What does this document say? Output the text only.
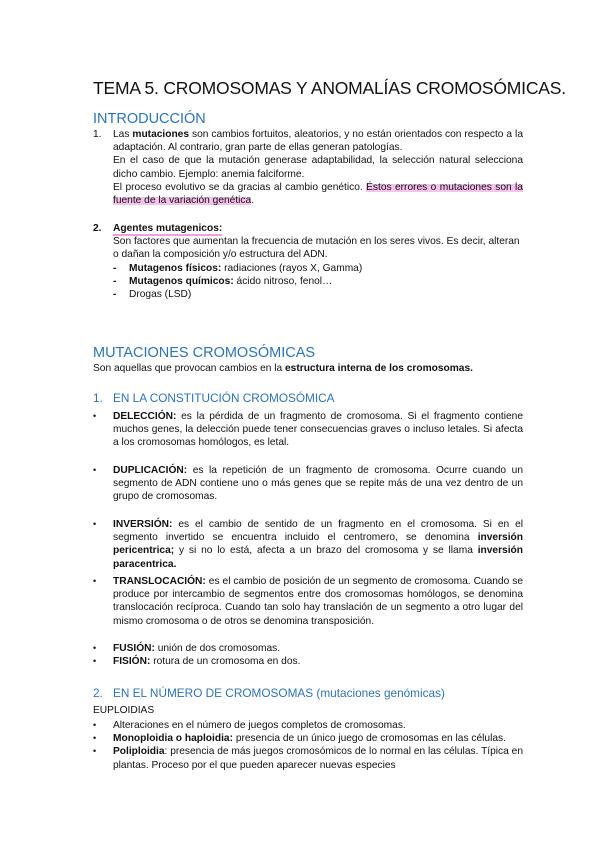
TEMA 5. CROMOSOMAS Y ANOMALÍAS CROMOSÓMICAS.
INTRODUCCIÓN
1. Las mutaciones son cambios fortuitos, aleatorios, y no están orientados con respecto a la adaptación. Al contrario, gran parte de ellas generan patologías.
En el caso de que la mutación generase adaptabilidad, la selección natural selecciona dicho cambio. Ejemplo: anemia falciforme.
El proceso evolutivo se da gracias al cambio genético. Éstos errores o mutaciones son la fuente de la variación genética.
2. Agentes mutagenicos:
Son factores que aumentan la frecuencia de mutación en los seres vivos. Es decir, alteran o dañan la composición y/o estructura del ADN.
- Mutagenos físicos: radiaciones (rayos X, Gamma)
- Mutagenos químicos: ácido nitroso, fenol…
- Drogas (LSD)
MUTACIONES CROMOSÓMICAS
Son aquellas que provocan cambios en la estructura interna de los cromosomas.
1. EN LA CONSTITUCIÓN CROMOSÓMICA
• DELECCIÓN: es la pérdida de un fragmento de cromosoma. Si el fragmento contiene muchos genes, la delección puede tener consecuencias graves o incluso letales. Si afecta a los cromosomas homólogos, es letal.
• DUPLICACIÓN: es la repetición de un fragmento de cromosoma. Ocurre cuando un segmento de ADN contiene uno o más genes que se repite más de una vez dentro de un grupo de cromosomas.
• INVERSIÓN: es el cambio de sentido de un fragmento en el cromosoma. Si en el segmento invertido se encuentra incluido el centromero, se denomina inversión pericentrica; y si no lo está, afecta a un brazo del cromosoma y se llama inversión paracentrica.
• TRANSLOCACIÓN: es el cambio de posición de un segmento de cromosoma. Cuando se produce por intercambio de segmentos entre dos cromosomas homólogos, se denomina translocación recíproca. Cuando tan solo hay translación de un segmento a otro lugar del mismo cromosoma o de otros se denomina transposición.
• FUSIÓN: unión de dos cromosomas.
• FISIÓN: rotura de un cromosoma en dos.
2. EN EL NÚMERO DE CROMOSOMAS (mutaciones genómicas)
EUPLOIDIAS
• Alteraciones en el número de juegos completos de cromosomas.
• Monoploidia o haploidia: presencia de un único juego de cromosomas en las células.
• Poliploidia: presencia de más juegos cromosómicos de lo normal en las células. Típica en plantas. Proceso por el que pueden aparecer nuevas especies
